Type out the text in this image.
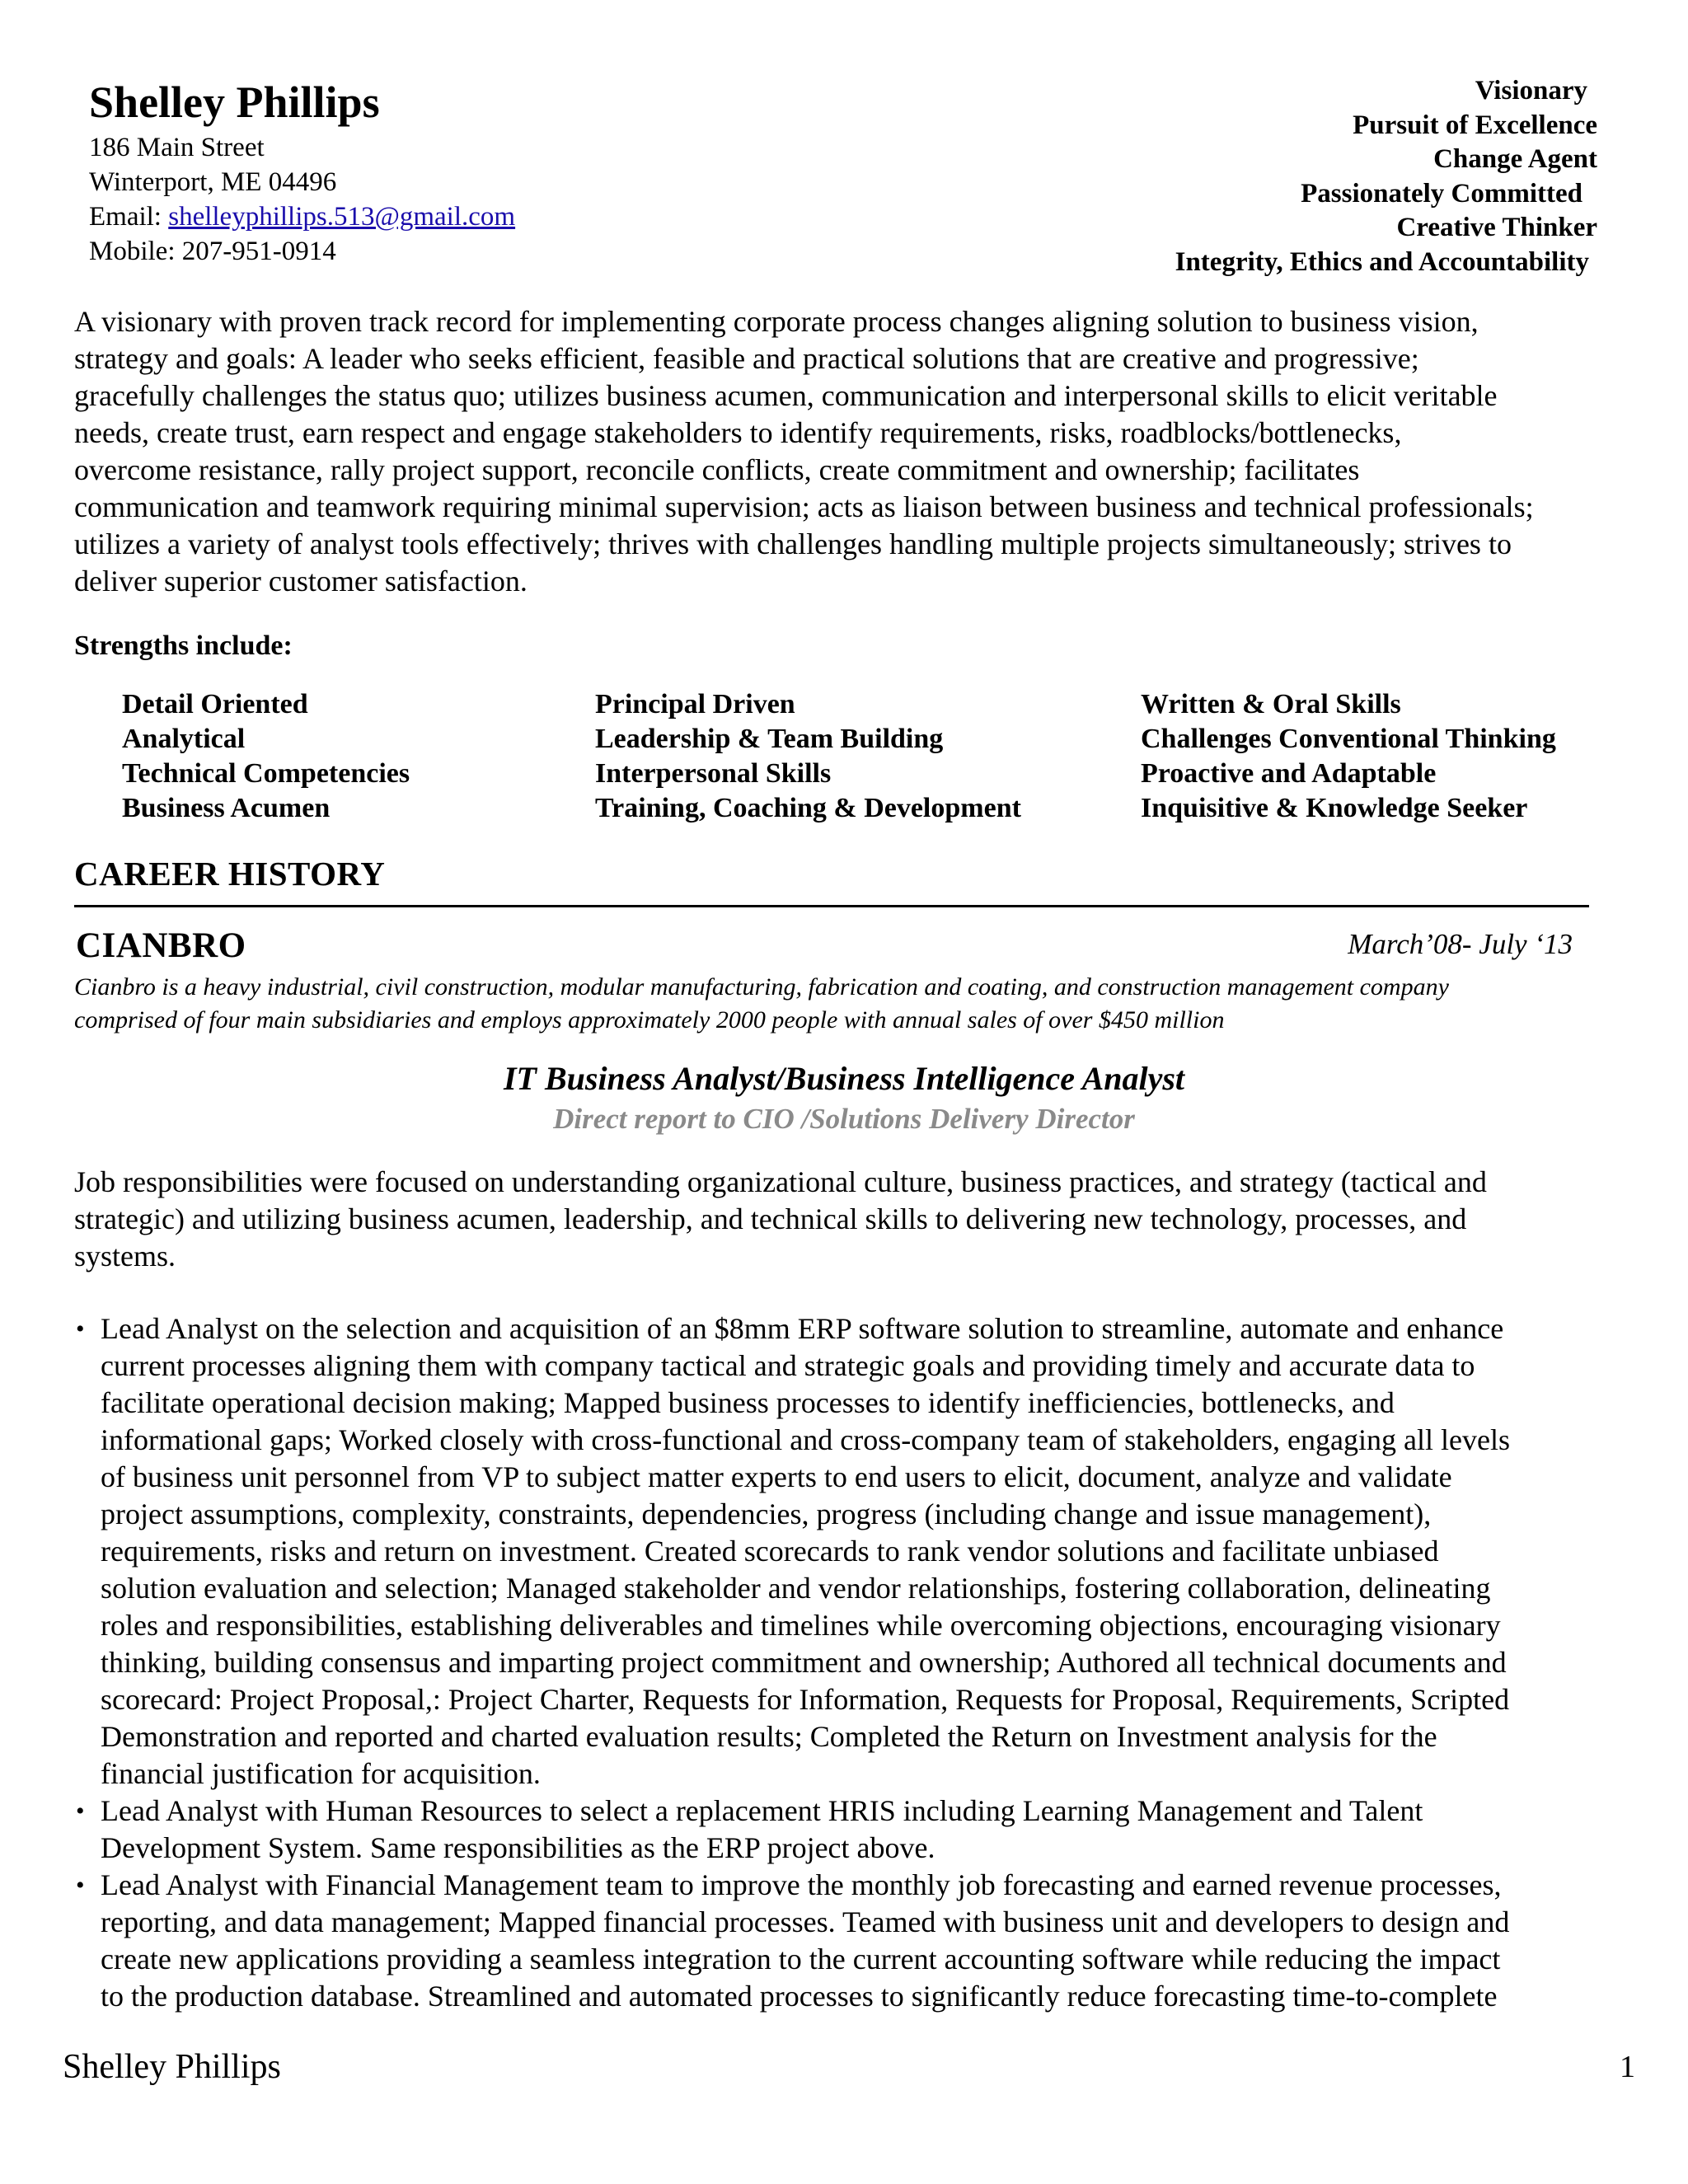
Shelley Phillips
186 Main Street
Winterport, ME 04496
Email: shelleyphillips.513@gmail.com
Mobile: 207-951-0914
Visionary
Pursuit of Excellence
Change Agent
Passionately Committed
Creative Thinker
Integrity, Ethics and Accountability
A visionary with proven track record for implementing corporate process changes aligning solution to business vision,
strategy and goals: A leader who seeks efficient, feasible and practical solutions that are creative and progressive;
gracefully challenges the status quo; utilizes business acumen, communication and interpersonal skills to elicit veritable
needs, create trust, earn respect and engage stakeholders to identify requirements, risks, roadblocks/bottlenecks,
overcome resistance, rally project support, reconcile conflicts, create commitment and ownership; facilitates
communication and teamwork requiring minimal supervision; acts as liaison between business and technical professionals;
utilizes a variety of analyst tools effectively; thrives with challenges handling multiple projects simultaneously; strives to
deliver superior customer satisfaction.
Strengths include:
Detail Oriented
Analytical
Technical Competencies
Business Acumen
Principal Driven
Leadership & Team Building
Interpersonal Skills
Training, Coaching & Development
Written & Oral Skills
Challenges Conventional Thinking
Proactive and Adaptable
Inquisitive & Knowledge Seeker
CAREER HISTORY
CIANBRO	March’08- July ‘13
Cianbro is a heavy industrial, civil construction, modular manufacturing, fabrication and coating, and construction management company
comprised of four main subsidiaries and employs approximately 2000 people with annual sales of over $450 million
IT Business Analyst/Business Intelligence Analyst
Direct report to CIO /Solutions Delivery Director
Job responsibilities were focused on understanding organizational culture, business practices, and strategy (tactical and
strategic) and utilizing business acumen, leadership, and technical skills to delivering new technology, processes, and
systems.
• Lead Analyst on the selection and acquisition of an $8mm ERP software solution to streamline, automate and enhance
current processes aligning them with company tactical and strategic goals and providing timely and accurate data to
facilitate operational decision making; Mapped business processes to identify inefficiencies, bottlenecks, and
informational gaps; Worked closely with cross-functional and cross-company team of stakeholders, engaging all levels
of business unit personnel from VP to subject matter experts to end users to elicit, document, analyze and validate
project assumptions, complexity, constraints, dependencies, progress (including change and issue management),
requirements, risks and return on investment. Created scorecards to rank vendor solutions and facilitate unbiased
solution evaluation and selection; Managed stakeholder and vendor relationships, fostering collaboration, delineating
roles and responsibilities, establishing deliverables and timelines while overcoming objections, encouraging visionary
thinking, building consensus and imparting project commitment and ownership; Authored all technical documents and
scorecard: Project Proposal,: Project Charter, Requests for Information, Requests for Proposal, Requirements, Scripted
Demonstration and reported and charted evaluation results; Completed the Return on Investment analysis for the
financial justification for acquisition.
• Lead Analyst with Human Resources to select a replacement HRIS including Learning Management and Talent
Development System. Same responsibilities as the ERP project above.
• Lead Analyst with Financial Management team to improve the monthly job forecasting and earned revenue processes,
reporting, and data management; Mapped financial processes. Teamed with business unit and developers to design and
create new applications providing a seamless integration to the current accounting software while reducing the impact
to the production database. Streamlined and automated processes to significantly reduce forecasting time-to-complete
Shelley Phillips	1
